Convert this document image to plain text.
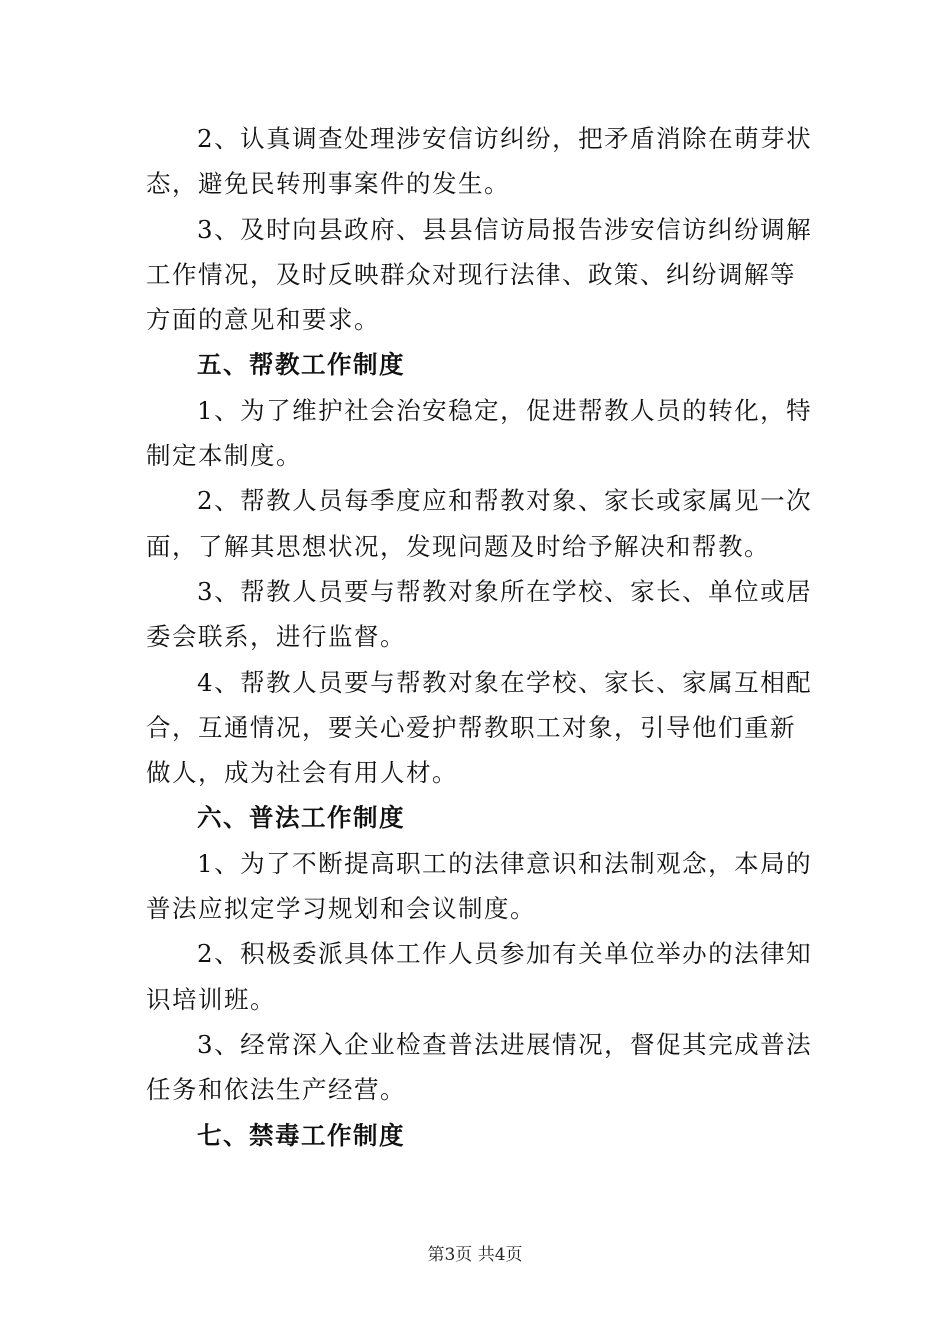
2、认真调查处理涉安信访纠纷，把矛盾消除在萌芽状
态，避免民转刑事案件的发生。
3、及时向县政府、县县信访局报告涉安信访纠纷调解
工作情况，及时反映群众对现行法律、政策、纠纷调解等
方面的意见和要求。
五、帮教工作制度
1、为了维护社会治安稳定，促进帮教人员的转化，特
制定本制度。
2、帮教人员每季度应和帮教对象、家长或家属见一次
面，了解其思想状况，发现问题及时给予解决和帮教。
3、帮教人员要与帮教对象所在学校、家长、单位或居
委会联系，进行监督。
4、帮教人员要与帮教对象在学校、家长、家属互相配
合，互通情况，要关心爱护帮教职工对象，引导他们重新
做人，成为社会有用人材。
六、普法工作制度
1、为了不断提高职工的法律意识和法制观念，本局的
普法应拟定学习规划和会议制度。
2、积极委派具体工作人员参加有关单位举办的法律知
识培训班。
3、经常深入企业检查普法进展情况，督促其完成普法
任务和依法生产经营。
七、禁毒工作制度
第3页 共4页
